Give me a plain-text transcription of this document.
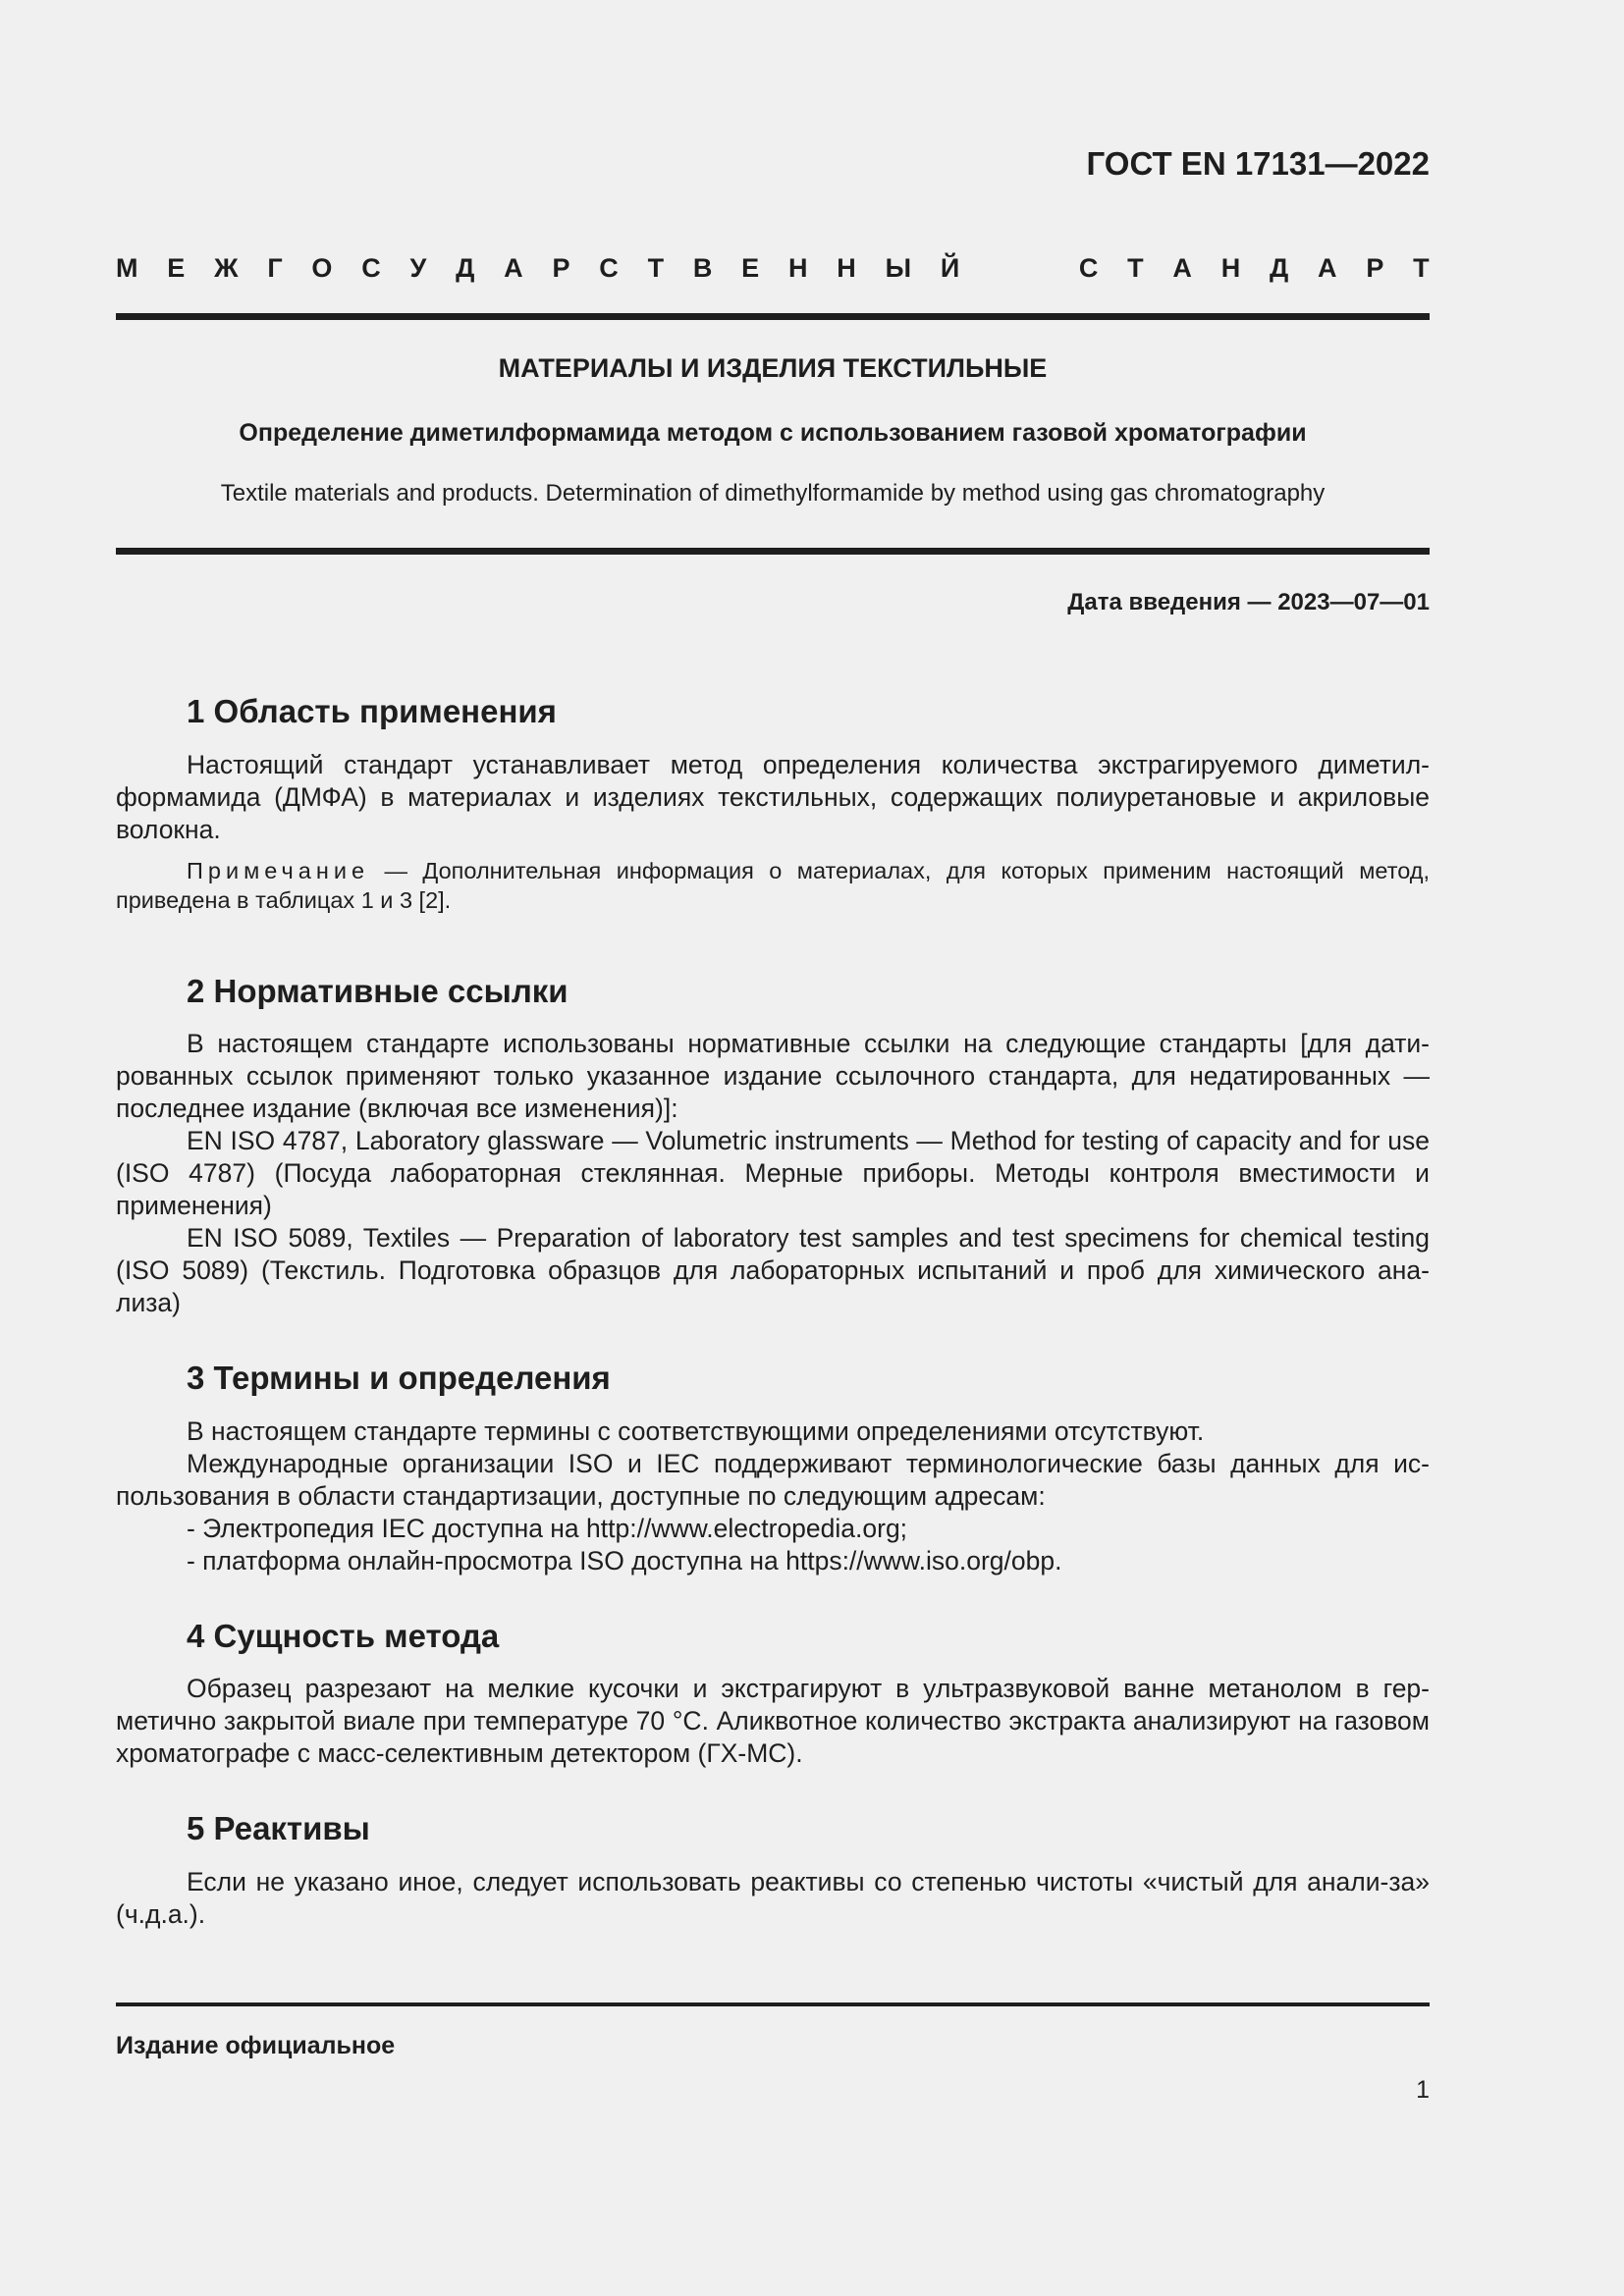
ГОСТ EN 17131—2022
М Е Ж Г О С У Д А Р С Т В Е Н Н Ы Й	С Т А Н Д А Р Т

МАТЕРИАЛЫ И ИЗДЕЛИЯ ТЕКСТИЛЬНЫЕ

Определение диметилформамида методом с использованием газовой хроматографии

Textile materials and products. Determination of dimethylformamide by method using gas chromatography

Дата введения — 2023—07—01

1 Область применения

Настоящий стандарт устанавливает метод определения количества экстрагируемого диметил-формамида (ДМФА) в материалах и изделиях текстильных, содержащих полиуретановые и акриловые волокна.

Примечание — Дополнительная информация о материалах, для которых применим настоящий метод, приведена в таблицах 1 и 3 [2].

2 Нормативные ссылки

В настоящем стандарте использованы нормативные ссылки на следующие стандарты [для дати-рованных ссылок применяют только указанное издание ссылочного стандарта, для недатированных — последнее издание (включая все изменения)]:

EN ISO 4787, Laboratory glassware — Volumetric instruments — Method for testing of capacity and for use (ISO 4787) (Посуда лабораторная стеклянная. Мерные приборы. Методы контроля вместимости и применения)

EN ISO 5089, Textiles — Preparation of laboratory test samples and test specimens for chemical testing (ISO 5089) (Текстиль. Подготовка образцов для лабораторных испытаний и проб для химического ана-лиза)

3 Термины и определения

В настоящем стандарте термины с соответствующими определениями отсутствуют.

Международные организации ISO и IEC поддерживают терминологические базы данных для ис-пользования в области стандартизации, доступные по следующим адресам:

- Электропедия IEC доступна на http://www.electropedia.org;

- платформа онлайн-просмотра ISO доступна на https://www.iso.org/obp.

4 Сущность метода

Образец разрезают на мелкие кусочки и экстрагируют в ультразвуковой ванне метанолом в гер-метично закрытой виале при температуре 70 °С. Аликвотное количество экстракта анализируют на газовом хроматографе с масс-селективным детектором (ГХ-МС).

5 Реактивы

Если не указано иное, следует использовать реактивы со степенью чистоты «чистый для анали-за» (ч.д.а.).

Издание официальное

1
